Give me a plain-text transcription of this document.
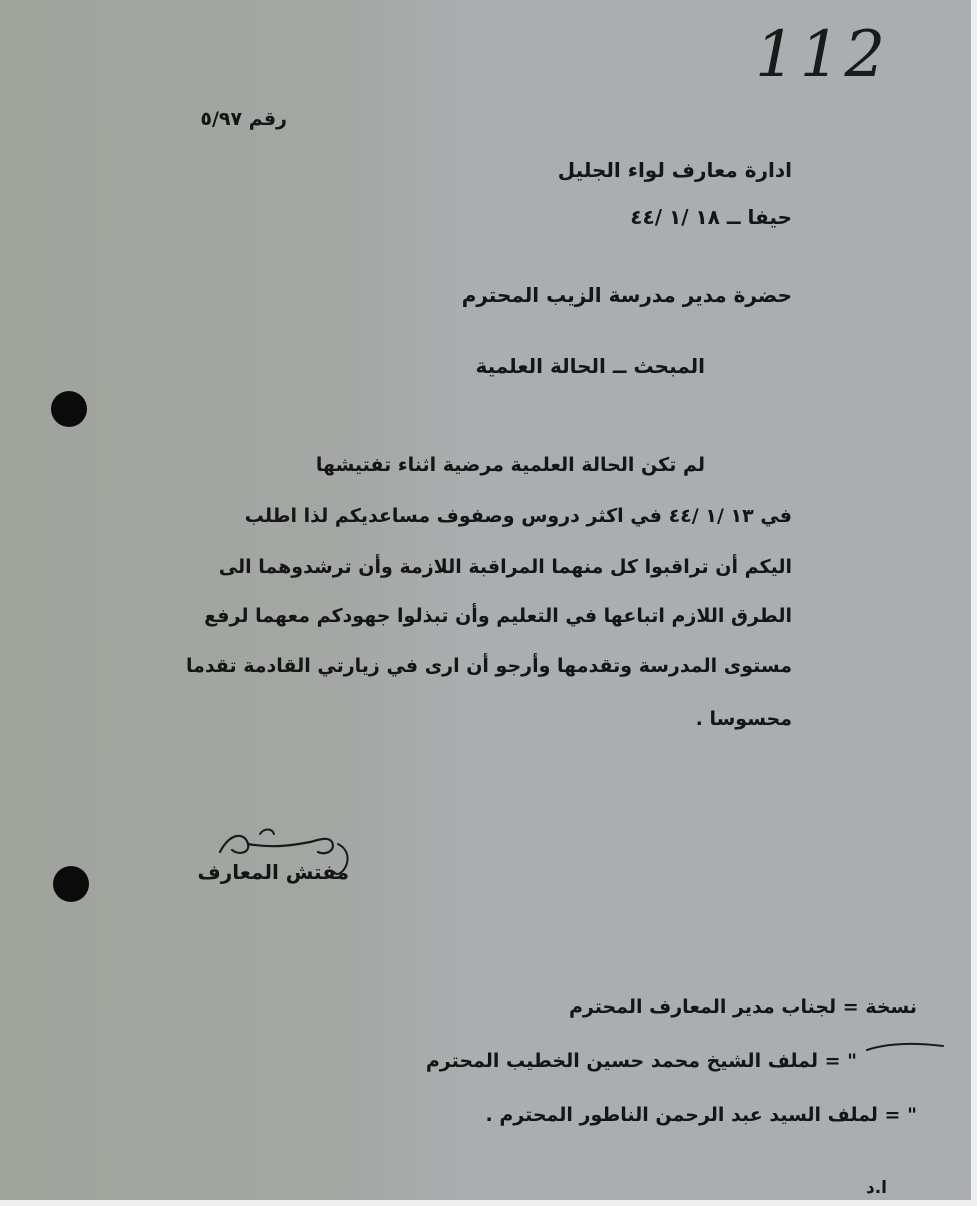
112
رقم ٥/٩٧
ادارة معارف لواء الجليل
حيفا ــ ١٨ /١ /٤٤
حضرة مدير مدرسة الزيب المحترم
المبحث ــ الحالة العلمية
لم تكن الحالة العلمية مرضية اثناء تفتيشها
في ١٣ /١ /٤٤ في اكثر دروس وصفوف مساعديكم لذا اطلب
اليكم أن تراقبوا كل منهما المراقبة اللازمة وأن ترشدوهما الى
الطرق اللازم اتباعها في التعليم وأن تبذلوا جهودكم معهما لرفع
مستوى المدرسة وتقدمها وأرجو أن ارى في زيارتي القادمة تقدما
محسوسا .
مفتش المعارف
نسخة = لجناب مدير المعارف المحترم
" = لملف الشيخ محمد حسين الخطيب المحترم
" = لملف السيد عبد الرحمن الناطور المحترم .
ا.د
